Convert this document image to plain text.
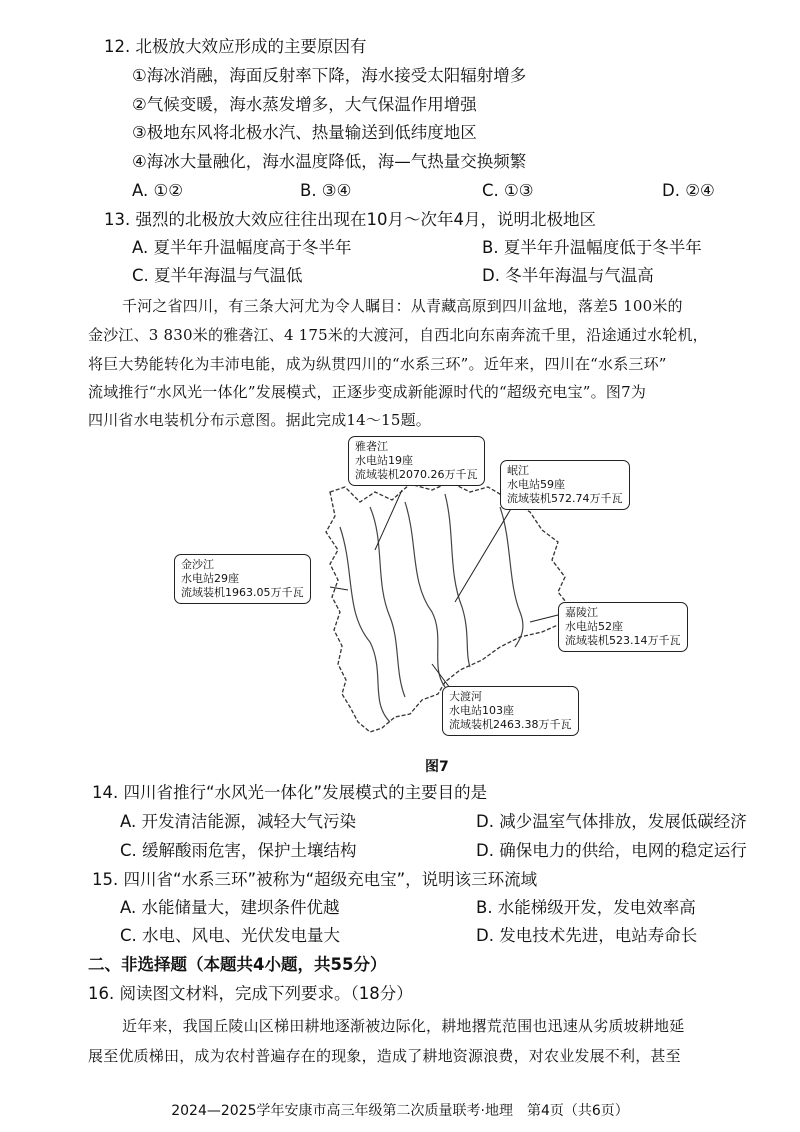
12. 北极放大效应形成的主要原因有
①海冰消融，海面反射率下降，海水接受太阳辐射增多
②气候变暖，海水蒸发增多，大气保温作用增强
③极地东风将北极水汽、热量输送到低纬度地区
④海冰大量融化，海水温度降低，海—气热量交换频繁
A. ①②	B. ③④	C. ①③	D. ②④
13. 强烈的北极放大效应往往出现在10月～次年4月，说明北极地区
A. 夏半年升温幅度高于冬半年	B. 夏半年升温幅度低于冬半年
C. 夏半年海温与气温低	D. 冬半年海温与气温高
千河之省四川，有三条大河尤为令人瞩目：从青藏高原到四川盆地，落差5 100米的
金沙江、3 830米的雅砻江、4 175米的大渡河，自西北向东南奔流千里，沿途通过水轮机，
将巨大势能转化为丰沛电能，成为纵贯四川的“水系三环”。近年来，四川在“水系三环”
流域推行“水风光一体化”发展模式，正逐步变成新能源时代的“超级充电宝”。图7为
四川省水电装机分布示意图。据此完成14～15题。
雅砻江
水电站19座
流域装机2070.26万千瓦	岷江
水电站59座
流域装机572.74万千瓦
金沙江
水电站29座
流域装机1963.05万千瓦
嘉陵江
水电站52座
流域装机523.14万千瓦
大渡河
水电站103座
流域装机2463.38万千瓦
图7
14. 四川省推行“水风光一体化”发展模式的主要目的是
A. 开发清洁能源，减轻大气污染	D. 减少温室气体排放，发展低碳经济
C. 缓解酸雨危害，保护土壤结构	D. 确保电力的供给，电网的稳定运行
15. 四川省“水系三环”被称为“超级充电宝”，说明该三环流域
A. 水能储量大，建坝条件优越	B. 水能梯级开发，发电效率高
C. 水电、风电、光伏发电量大	D. 发电技术先进，电站寿命长
二、非选择题（本题共4小题，共55分）
16. 阅读图文材料，完成下列要求。（18分）
近年来，我国丘陵山区梯田耕地逐渐被边际化，耕地撂荒范围也迅速从劣质坡耕地延
展至优质梯田，成为农村普遍存在的现象，造成了耕地资源浪费，对农业发展不利，甚至
2024—2025学年安康市高三年级第二次质量联考·地理　第4页（共6页）
